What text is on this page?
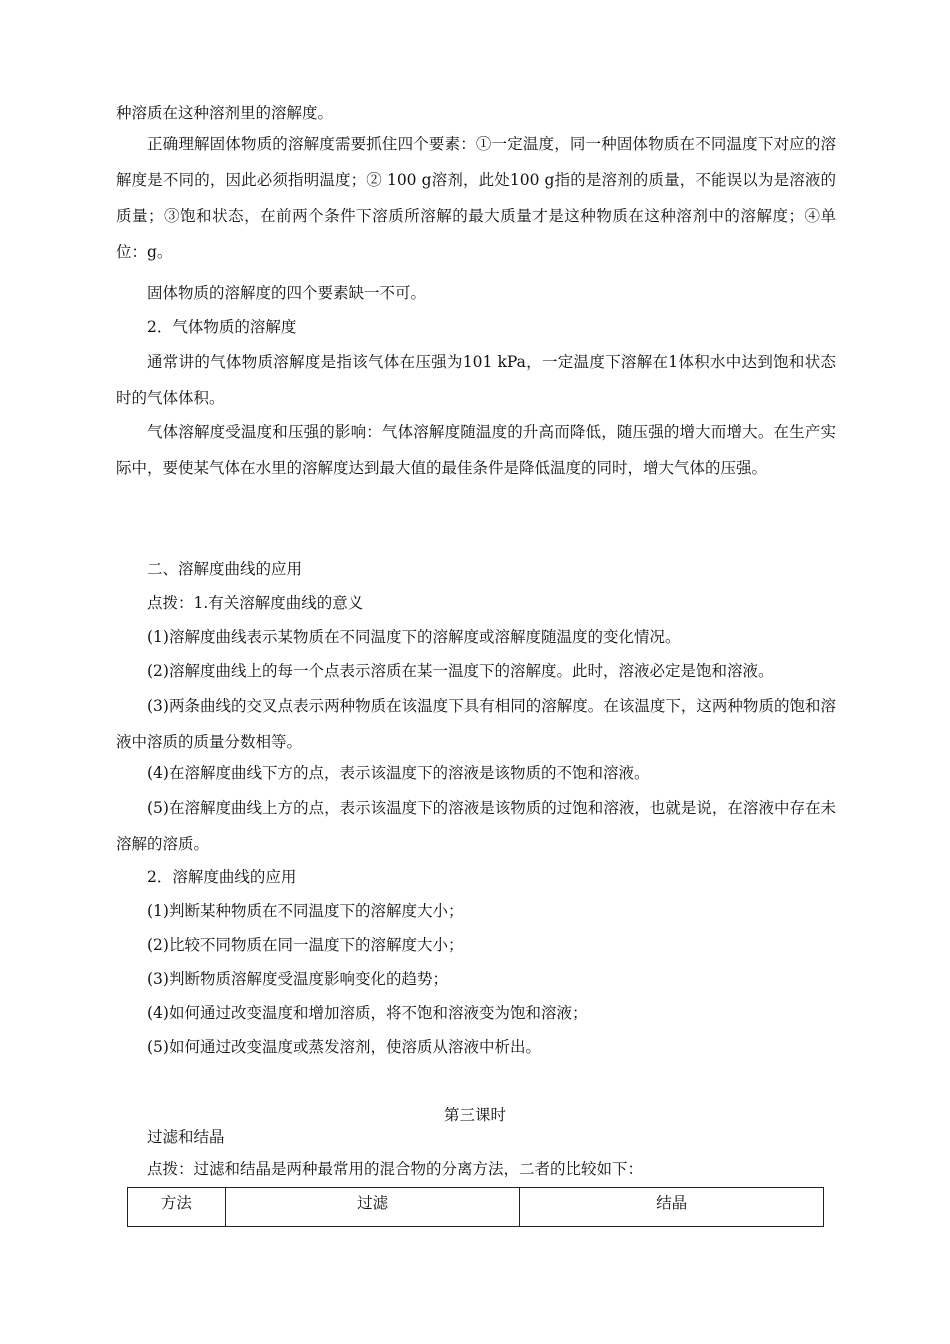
种溶质在这种溶剂里的溶解度。

正确理解固体物质的溶解度需要抓住四个要素：①一定温度，同一种固体物质在不同温度下对应的溶解度是不同的，因此必须指明温度；② 100 g溶剂，此处100 g指的是溶剂的质量，不能误以为是溶液的质量；③饱和状态，在前两个条件下溶质所溶解的最大质量才是这种物质在这种溶剂中的溶解度；④单位：g。

固体物质的溶解度的四个要素缺一不可。

2．气体物质的溶解度

通常讲的气体物质溶解度是指该气体在压强为101 kPa，一定温度下溶解在1体积水中达到饱和状态时的气体体积。

气体溶解度受温度和压强的影响：气体溶解度随温度的升高而降低，随压强的增大而增大。在生产实际中，要使某气体在水里的溶解度达到最大值的最佳条件是降低温度的同时，增大气体的压强。

二、溶解度曲线的应用

点拨：1.有关溶解度曲线的意义

(1)溶解度曲线表示某物质在不同温度下的溶解度或溶解度随温度的变化情况。

(2)溶解度曲线上的每一个点表示溶质在某一温度下的溶解度。此时，溶液必定是饱和溶液。

(3)两条曲线的交叉点表示两种物质在该温度下具有相同的溶解度。在该温度下，这两种物质的饱和溶液中溶质的质量分数相等。

(4)在溶解度曲线下方的点，表示该温度下的溶液是该物质的不饱和溶液。

(5)在溶解度曲线上方的点，表示该温度下的溶液是该物质的过饱和溶液，也就是说，在溶液中存在未溶解的溶质。

2．溶解度曲线的应用

(1)判断某种物质在不同温度下的溶解度大小；

(2)比较不同物质在同一温度下的溶解度大小；

(3)判断物质溶解度受温度影响变化的趋势；

(4)如何通过改变温度和增加溶质，将不饱和溶液变为饱和溶液；

(5)如何通过改变温度或蒸发溶剂，使溶质从溶液中析出。

第三课时

过滤和结晶

点拨：过滤和结晶是两种最常用的混合物的分离方法，二者的比较如下：

方法	过滤	结晶
